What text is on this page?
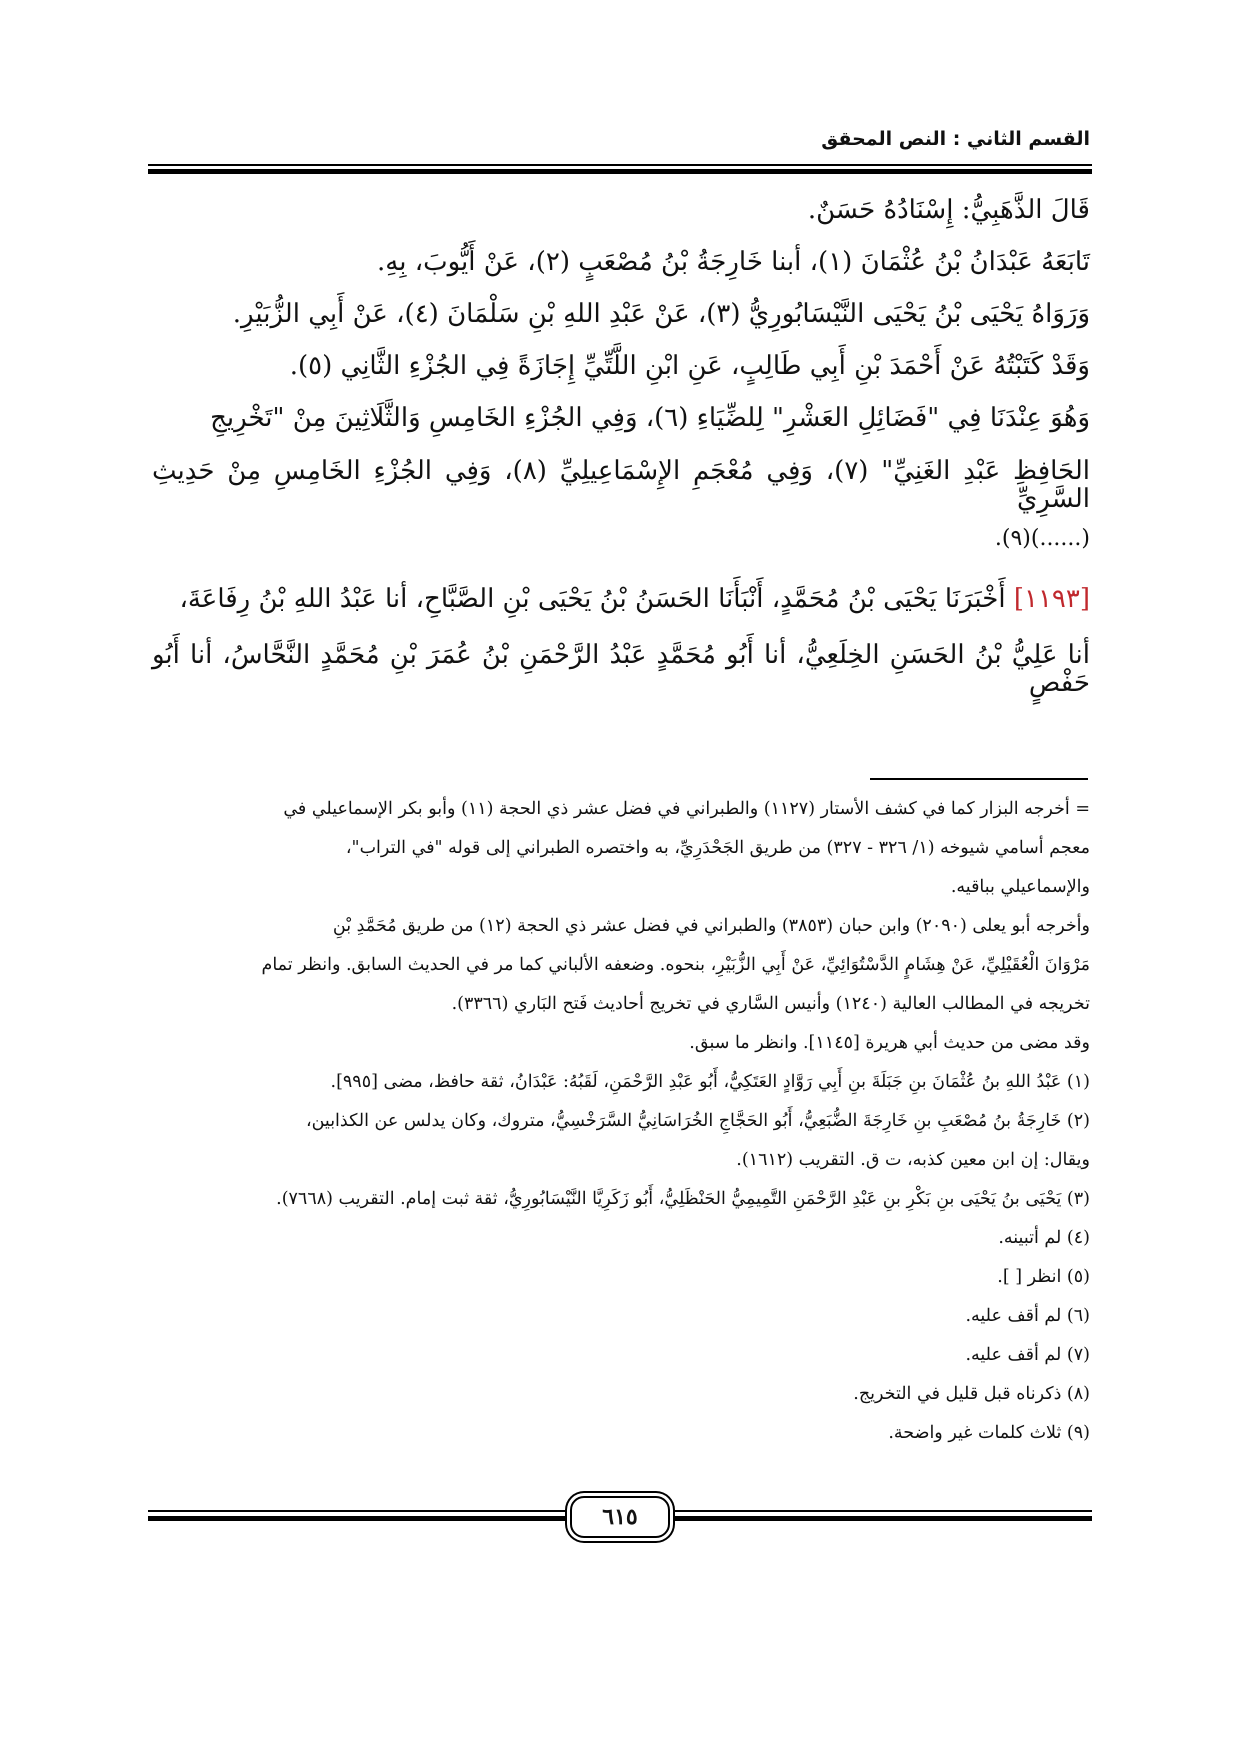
القسم الثاني : النص المحقق

قَالَ الذَّهَبِيُّ: إِسْنَادُهُ حَسَنٌ.

تَابَعَهُ عَبْدَانُ بْنُ عُثْمَانَ (١)، أبنا خَارِجَةُ بْنُ مُصْعَبٍ (٢)، عَنْ أَيُّوبَ، بِهِ.

وَرَوَاهُ يَحْيَى بْنُ يَحْيَى النَّيْسَابُورِيُّ (٣)، عَنْ عَبْدِ اللهِ بْنِ سَلْمَانَ (٤)، عَنْ أَبِي الزُّبَيْرِ.

وَقَدْ كَتَبْتُهُ عَنْ أَحْمَدَ بْنِ أَبِي طَالِبٍ، عَنِ ابْنِ اللَّتِّيِّ إِجَازَةً فِي الجُزْءِ الثَّانِي (٥).

وَهُوَ عِنْدَنَا فِي "فَضَائِلِ العَشْرِ" لِلضِّيَاءِ (٦)، وَفِي الجُزْءِ الخَامِسِ وَالثَّلَاثِينَ مِنْ "تَخْرِيجِ

الحَافِظِ عَبْدِ الغَنِيِّ" (٧)، وَفِي مُعْجَمِ الإِسْمَاعِيلِيِّ (٨)، وَفِي الجُزْءِ الخَامِسِ مِنْ حَدِيثِ السَّرِيِّ

(......)(٩).

[١١٩٣] أَخْبَرَنَا يَحْيَى بْنُ مُحَمَّدٍ، أَنْبَأَنَا الحَسَنُ بْنُ يَحْيَى بْنِ الصَّبَّاحِ، أنا عَبْدُ اللهِ بْنُ رِفَاعَةَ،

أنا عَلِيُّ بْنُ الحَسَنِ الخِلَعِيُّ، أنا أَبُو مُحَمَّدٍ عَبْدُ الرَّحْمَنِ بْنُ عُمَرَ بْنِ مُحَمَّدٍ النَّحَّاسُ، أنا أَبُو حَفْصٍ

= أخرجه البزار كما في كشف الأستار (١١٢٧) والطبراني في فضل عشر ذي الحجة (١١) وأبو بكر الإسماعيلي في

معجم أسامي شيوخه (١/ ٣٢٦ - ٣٢٧) من طريق الجَحْدَرِيِّ، به واختصره الطبراني إلى قوله "في التراب"،

والإسماعيلي بباقيه.

وأخرجه أبو يعلى (٢٠٩٠) وابن حبان (٣٨٥٣) والطبراني في فضل عشر ذي الحجة (١٢) من طريق مُحَمَّدِ بْنِ

مَرْوَانَ الْعُقَيْلِيِّ، عَنْ هِشَامٍ الدَّسْتُوَائِيِّ، عَنْ أَبِي الزُّبَيْرِ، بنحوه. وضعفه الألباني كما مر في الحديث السابق. وانظر تمام

تخريجه في المطالب العالية (١٢٤٠) وأنيس السَّاري في تخريج أحاديث فَتح البَاري (٣٣٦٦).

وقد مضى من حديث أبي هريرة [١١٤٥]. وانظر ما سبق.

(١) عَبْدُ اللهِ بنُ عُثْمَانَ بنِ جَبَلَةَ بنِ أَبِي رَوَّادٍ العَتَكِيُّ، أَبُو عَبْدِ الرَّحْمَنِ، لَقَبُهُ: عَبْدَانُ، ثقة حافظ، مضى [٩٩٥].

(٢) خَارِجَةُ بنُ مُصْعَبِ بنِ خَارِجَةَ الضُّبَعِيُّ، أَبُو الحَجَّاجِ الخُرَاسَانِيُّ السَّرَخْسِيُّ، متروك، وكان يدلس عن الكذابين،

ويقال: إن ابن معين كذبه، ت ق. التقريب (١٦١٢).

(٣) يَحْيَى بنُ يَحْيَى بنِ بَكْرِ بنِ عَبْدِ الرَّحْمَنِ التَّمِيمِيُّ الحَنْظَلِيُّ، أَبُو زَكَرِيَّا النَّيْسَابُورِيُّ، ثقة ثبت إمام. التقريب (٧٦٦٨).

(٤) لم أتبينه.

(٥) انظر [ ].

(٦) لم أقف عليه.

(٧) لم أقف عليه.

(٨) ذكرناه قبل قليل في التخريج.

(٩) ثلاث كلمات غير واضحة.

٦١٥
